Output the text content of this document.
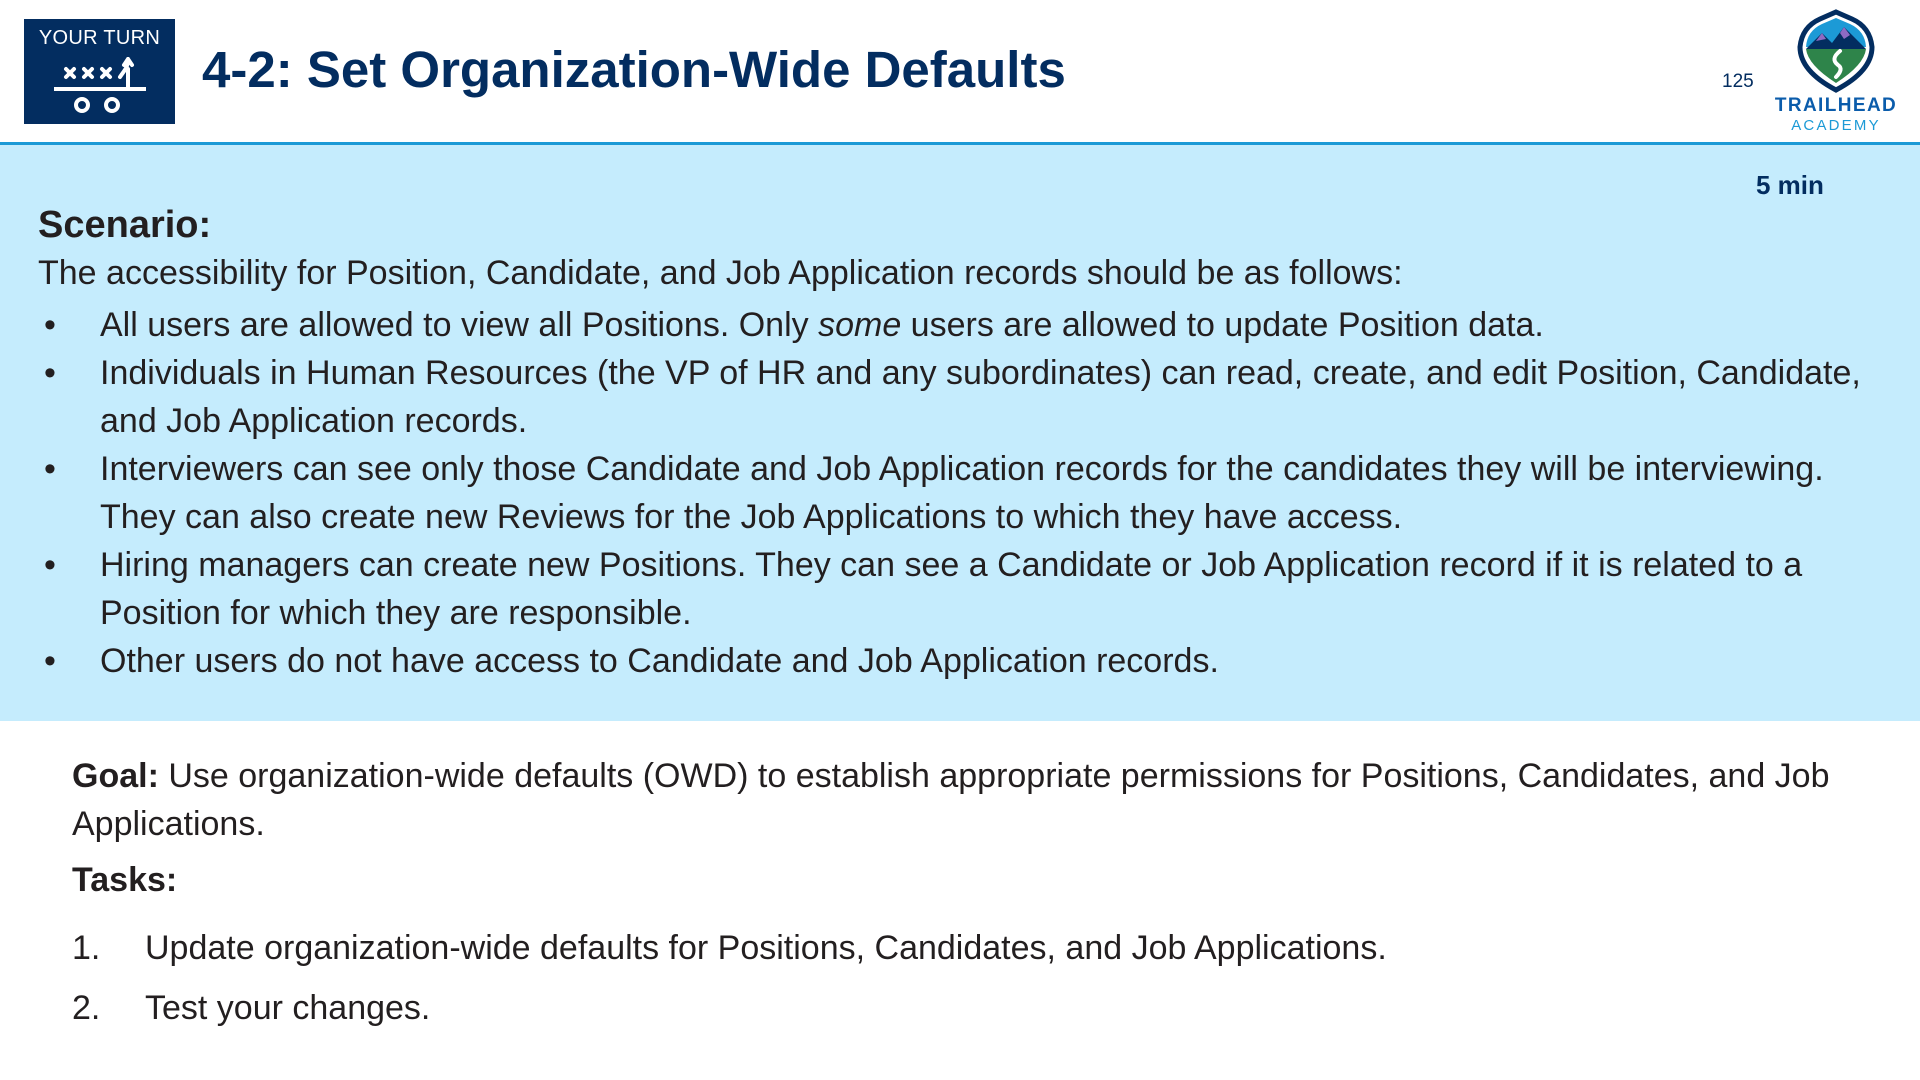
YOUR TURN
4-2: Set Organization-Wide Defaults	125
TRAILHEAD
ACADEMY
5 min
Scenario:
The accessibility for Position, Candidate, and Job Application records should be as follows:
• All users are allowed to view all Positions. Only some users are allowed to update Position data.
• Individuals in Human Resources (the VP of HR and any subordinates) can read, create, and edit Position, Candidate, and Job Application records.
• Interviewers can see only those Candidate and Job Application records for the candidates they will be interviewing. They can also create new Reviews for the Job Applications to which they have access.
• Hiring managers can create new Positions. They can see a Candidate or Job Application record if it is related to a Position for which they are responsible.
• Other users do not have access to Candidate and Job Application records.

Goal: Use organization-wide defaults (OWD) to establish appropriate permissions for Positions, Candidates, and Job Applications.

Tasks:
1. Update organization-wide defaults for Positions, Candidates, and Job Applications.
2. Test your changes.
